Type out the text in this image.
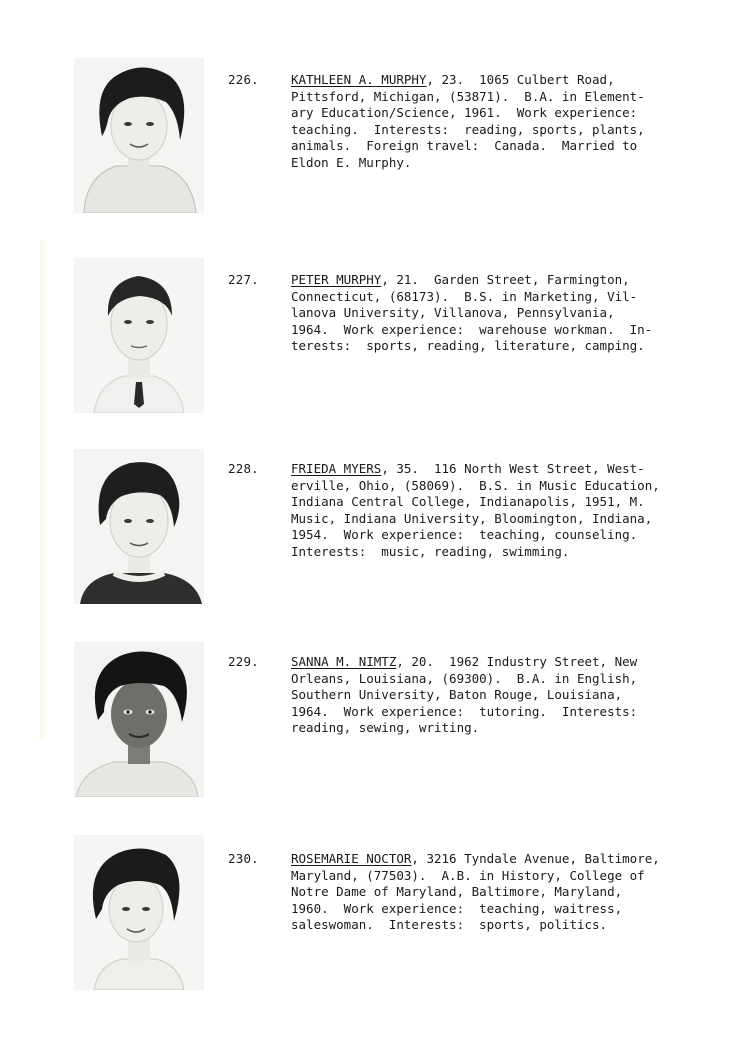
226.	KATHLEEN A. MURPHY, 23.  1065 Culbert Road,
Pittsford, Michigan, (53871).  B.A. in Element-
ary Education/Science, 1961.  Work experience:
teaching.  Interests:  reading, sports, plants,
animals.  Foreign travel:  Canada.  Married to
Eldon E. Murphy.
227.	PETER MURPHY, 21.  Garden Street, Farmington,
Connecticut, (68173).  B.S. in Marketing, Vil-
lanova University, Villanova, Pennsylvania,
1964.  Work experience:  warehouse workman.  In-
terests:  sports, reading, literature, camping.
228.	FRIEDA MYERS, 35.  116 North West Street, West-
erville, Ohio, (58069).  B.S. in Music Education,
Indiana Central College, Indianapolis, 1951, M.
Music, Indiana University, Bloomington, Indiana,
1954.  Work experience:  teaching, counseling.
Interests:  music, reading, swimming.
229.	SANNA M. NIMTZ, 20.  1962 Industry Street, New
Orleans, Louisiana, (69300).  B.A. in English,
Southern University, Baton Rouge, Louisiana,
1964.  Work experience:  tutoring.  Interests:
reading, sewing, writing.
230.	ROSEMARIE NOCTOR, 3216 Tyndale Avenue, Baltimore,
Maryland, (77503).  A.B. in History, College of
Notre Dame of Maryland, Baltimore, Maryland,
1960.  Work experience:  teaching, waitress,
saleswoman.  Interests:  sports, politics.
